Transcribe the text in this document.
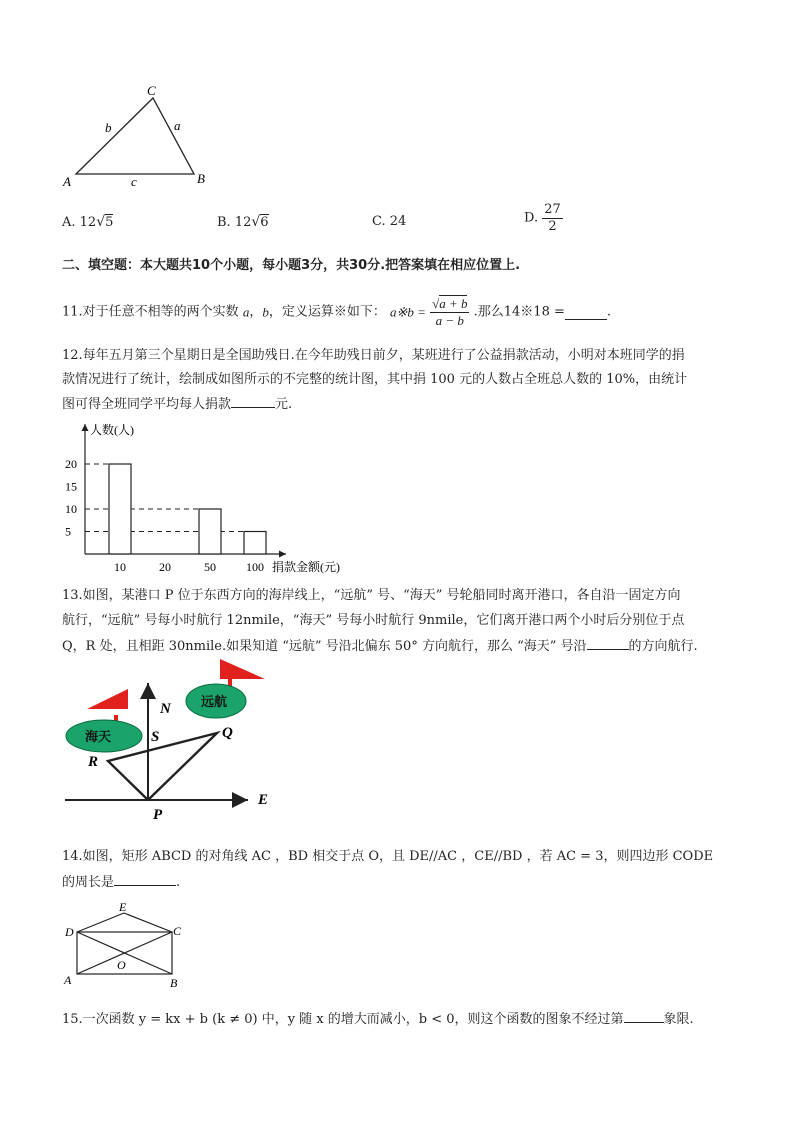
C
b	a
A	c	B
A. 12√5	B. 12√6	C. 24	D. $\frac{27}{2}$
二、填空题：本大题共10个小题，每小题3分，共30分.把答案填在相应位置上.
11.对于任意不相等的两个实数 a，b，定义运算※如下： a※b = $\frac{√a + b}{a - b}$ .那么14※18 =	.
12.每年五月第三个星期日是全国助残日.在今年助残日前夕，某班进行了公益捐款活动，小明对本班同学的捐
款情况进行了统计，绘制成如图所示的不完整的统计图，其中捐 100 元的人数占全班总人数的 10%，由统计
图可得全班同学平均每人捐款	元.
人数(人)
捐款金额(元)
5
10
15
20
10	20	50	100
13.如图，某港口 P 位于东西方向的海岸线上，“远航” 号、“海天” 号轮船同时离开港口，各自沿一固定方向
航行，“远航” 号每小时航行 12nmile，“海天” 号每小时航行 9nmile，它们离开港口两个小时后分别位于点
Q，R 处，且相距 30nmile.如果知道 “远航” 号沿北偏东 50° 方向航行，那么 “海天” 号沿	的方向航行.
海天
远航
N
S	Q
R
E
P
14.如图，矩形 ABCD 的对角线 AC ，BD 相交于点 O，且 DE//AC ，CE//BD ，若 AC = 3，则四边形 CODE
的周长是	.
E
D	C
O
A	B
15.一次函数 y = kx + b (k ≠ 0) 中，y 随 x 的增大而减小，b < 0，则这个函数的图象不经过第	象限.
